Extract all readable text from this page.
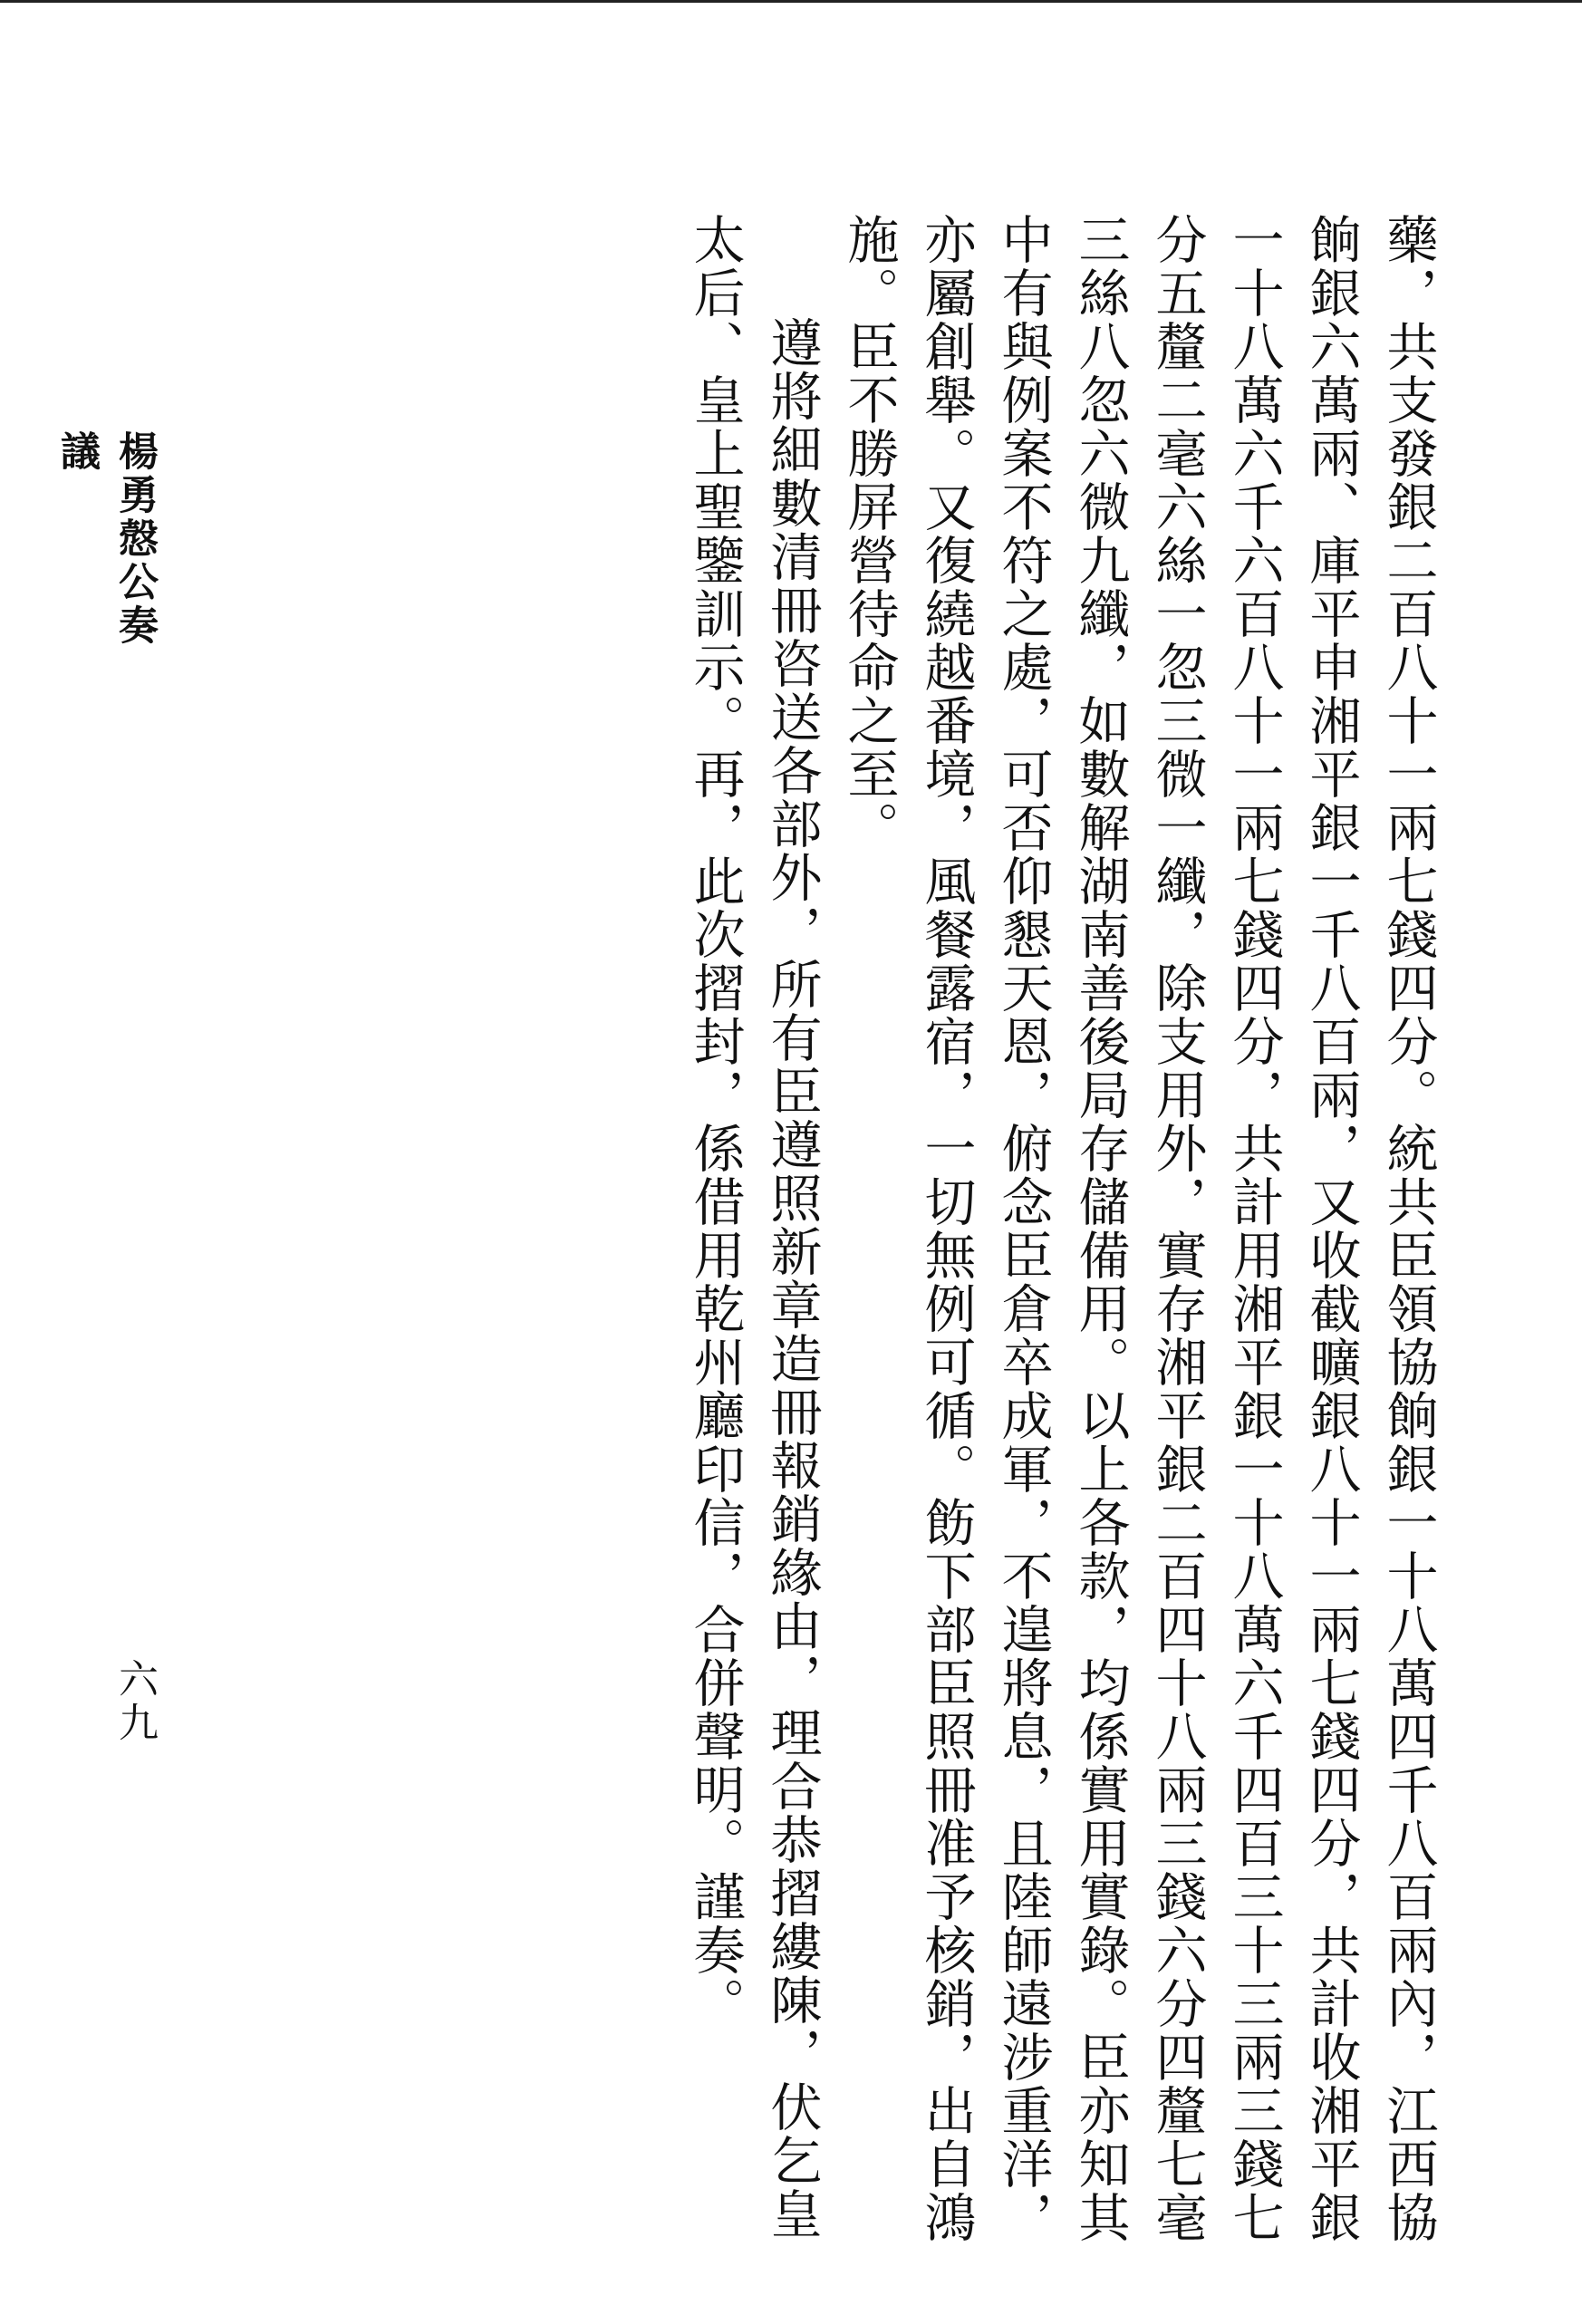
楊勇慤公奏議
六九	藥，共支發銀二百八十一兩七錢四分。統共臣領協餉銀一十八萬四千八百兩內，江西協
餉銀六萬兩、庫平申湘平銀一千八百兩，又收截曠銀八十一兩七錢四分，共計收湘平銀
一十八萬六千六百八十一兩七錢四分，共計用湘平銀一十八萬六千四百三十三兩三錢七
分五釐二毫六絲一忽三微一纖，除支用外，實存湘平銀二百四十八兩三錢六分四釐七毫
三絲八忽六微九纖，如數解湖南善後局存儲備用。以上各款，均係實用實錄。臣亦知其
中有與例案不符之處，可否仰懇天恩，俯念臣倉卒成軍，不遑將息，且陸師遠涉重洋，
亦屬創舉。又復繞越番境，風餐露宿，一切無例可循。飭下部臣照冊准予核銷，出自鴻
施。臣不勝屏營待命之至。
遵將細數清冊咨送各部外，所有臣遵照新章造冊報銷緣由，理合恭摺縷陳，伏乞皇
太后、皇上聖鑒訓示。再，此次摺封，係借用乾州廳印信，合併聲明。謹奏。
